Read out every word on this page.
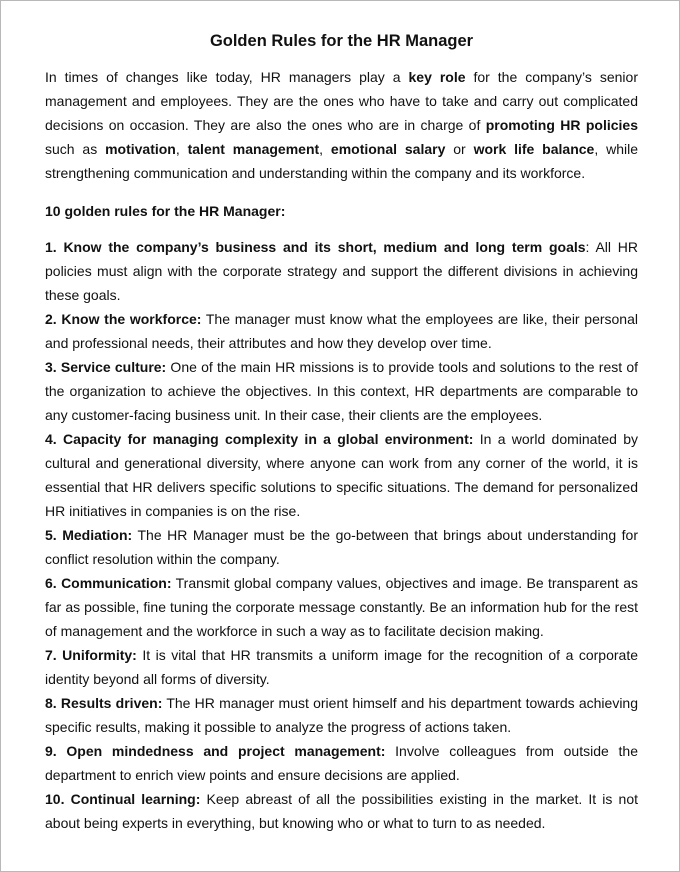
Golden Rules for the HR Manager

In times of changes like today, HR managers play a key role for the company’s senior management and employees. They are the ones who have to take and carry out complicated decisions on occasion. They are also the ones who are in charge of promoting HR policies such as motivation, talent management, emotional salary or work life balance, while strengthening communication and understanding within the company and its workforce.

10 golden rules for the HR Manager:

1. Know the company’s business and its short, medium and long term goals: All HR policies must align with the corporate strategy and support the different divisions in achieving these goals.

2. Know the workforce: The manager must know what the employees are like, their personal and professional needs, their attributes and how they develop over time.

3. Service culture: One of the main HR missions is to provide tools and solutions to the rest of the organization to achieve the objectives. In this context, HR departments are comparable to any customer-facing business unit. In their case, their clients are the employees.

4. Capacity for managing complexity in a global environment: In a world dominated by cultural and generational diversity, where anyone can work from any corner of the world, it is essential that HR delivers specific solutions to specific situations. The demand for personalized HR initiatives in companies is on the rise.

5. Mediation: The HR Manager must be the go-between that brings about understanding for conflict resolution within the company.

6. Communication: Transmit global company values, objectives and image. Be transparent as far as possible, fine tuning the corporate message constantly. Be an information hub for the rest of management and the workforce in such a way as to facilitate decision making.

7. Uniformity: It is vital that HR transmits a uniform image for the recognition of a corporate identity beyond all forms of diversity.

8. Results driven: The HR manager must orient himself and his department towards achieving specific results, making it possible to analyze the progress of actions taken.

9. Open mindedness and project management: Involve colleagues from outside the department to enrich view points and ensure decisions are applied.

10. Continual learning: Keep abreast of all the possibilities existing in the market. It is not about being experts in everything, but knowing who or what to turn to as needed.
